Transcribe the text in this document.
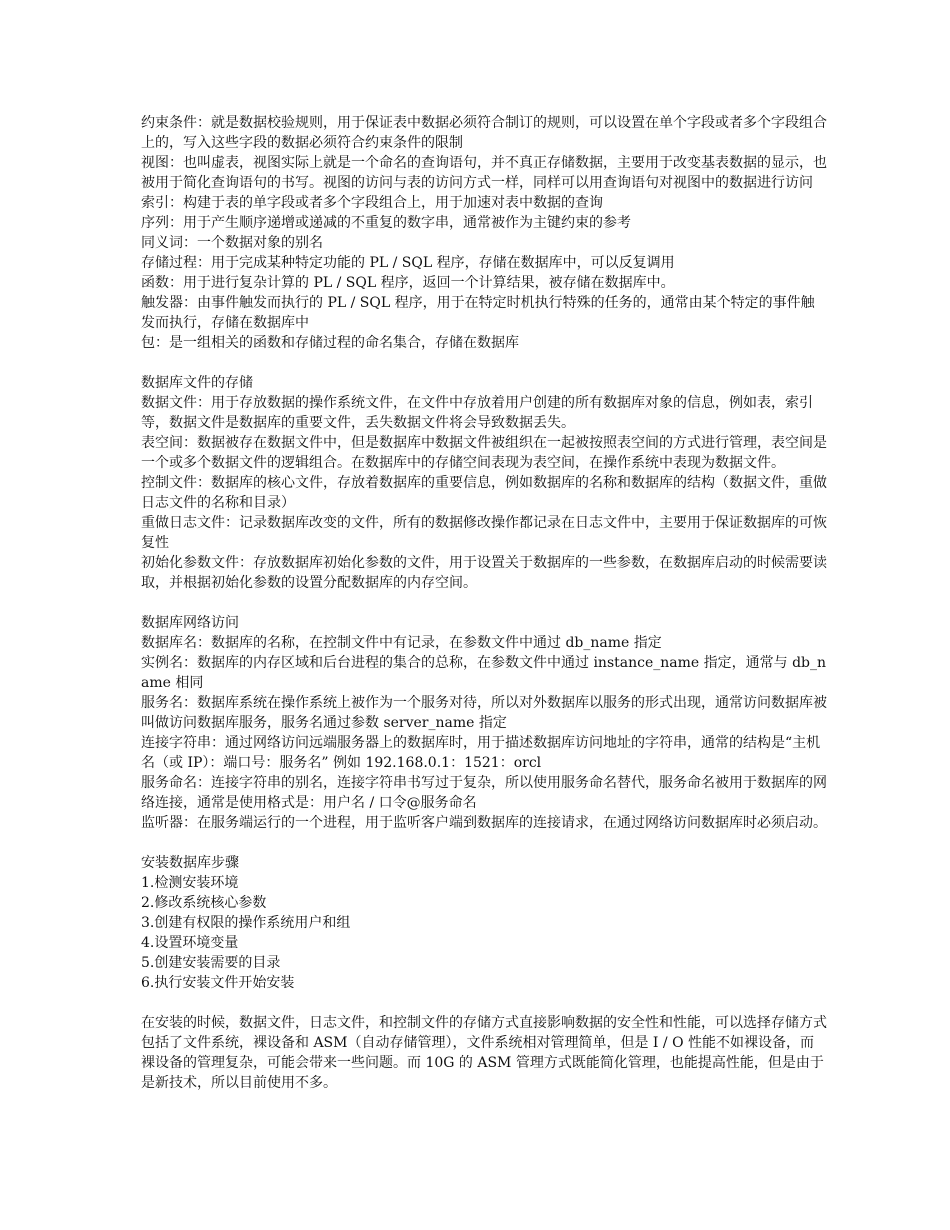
约束条件：就是数据校验规则，用于保证表中数据必须符合制订的规则，可以设置在单个字段或者多个字段组合上的，写入这些字段的数据必须符合约束条件的限制

视图：也叫虚表，视图实际上就是一个命名的查询语句，并不真正存储数据，主要用于改变基表数据的显示，也被用于简化查询语句的书写。视图的访问与表的访问方式一样，同样可以用查询语句对视图中的数据进行访问

索引：构建于表的单字段或者多个字段组合上，用于加速对表中数据的查询

序列：用于产生顺序递增或递减的不重复的数字串，通常被作为主键约束的参考

同义词：一个数据对象的别名

存储过程：用于完成某种特定功能的 PL / SQL 程序，存储在数据库中，可以反复调用

函数：用于进行复杂计算的 PL / SQL 程序，返回一个计算结果，被存储在数据库中。

触发器：由事件触发而执行的 PL / SQL 程序，用于在特定时机执行特殊的任务的，通常由某个特定的事件触发而执行，存储在数据库中

包：是一组相关的函数和存储过程的命名集合，存储在数据库

数据库文件的存储

数据文件：用于存放数据的操作系统文件，在文件中存放着用户创建的所有数据库对象的信息，例如表，索引等，数据文件是数据库的重要文件，丢失数据文件将会导致数据丢失。

表空间：数据被存在数据文件中，但是数据库中数据文件被组织在一起被按照表空间的方式进行管理，表空间是一个或多个数据文件的逻辑组合。在数据库中的存储空间表现为表空间，在操作系统中表现为数据文件。

控制文件：数据库的核心文件，存放着数据库的重要信息，例如数据库的名称和数据库的结构（数据文件，重做日志文件的名称和目录）

重做日志文件：记录数据库改变的文件，所有的数据修改操作都记录在日志文件中，主要用于保证数据库的可恢复性

初始化参数文件：存放数据库初始化参数的文件，用于设置关于数据库的一些参数，在数据库启动的时候需要读取，并根据初始化参数的设置分配数据库的内存空间。

数据库网络访问

数据库名：数据库的名称，在控制文件中有记录，在参数文件中通过 db_name 指定

实例名：数据库的内存区域和后台进程的集合的总称，在参数文件中通过 instance_name 指定，通常与 db_name 相同

服务名：数据库系统在操作系统上被作为一个服务对待，所以对外数据库以服务的形式出现，通常访问数据库被叫做访问数据库服务，服务名通过参数 server_name 指定

连接字符串：通过网络访问远端服务器上的数据库时，用于描述数据库访问地址的字符串，通常的结构是“主机名（或 IP）：端口号：服务名” 例如 192.168.0.1：1521：orcl

服务命名：连接字符串的别名，连接字符串书写过于复杂，所以使用服务命名替代，服务命名被用于数据库的网络连接，通常是使用格式是：用户名 / 口令@服务命名

监听器：在服务端运行的一个进程，用于监听客户端到数据库的连接请求，在通过网络访问数据库时必须启动。

安装数据库步骤

1.检测安装环境

2.修改系统核心参数

3.创建有权限的操作系统用户和组

4.设置环境变量

5.创建安装需要的目录

6.执行安装文件开始安装

在安装的时候，数据文件，日志文件，和控制文件的存储方式直接影响数据的安全性和性能，可以选择存储方式包括了文件系统，裸设备和 ASM（自动存储管理），文件系统相对管理简单，但是 I / O 性能不如裸设备，而裸设备的管理复杂，可能会带来一些问题。而 10G 的 ASM 管理方式既能简化管理，也能提高性能，但是由于是新技术，所以目前使用不多。
